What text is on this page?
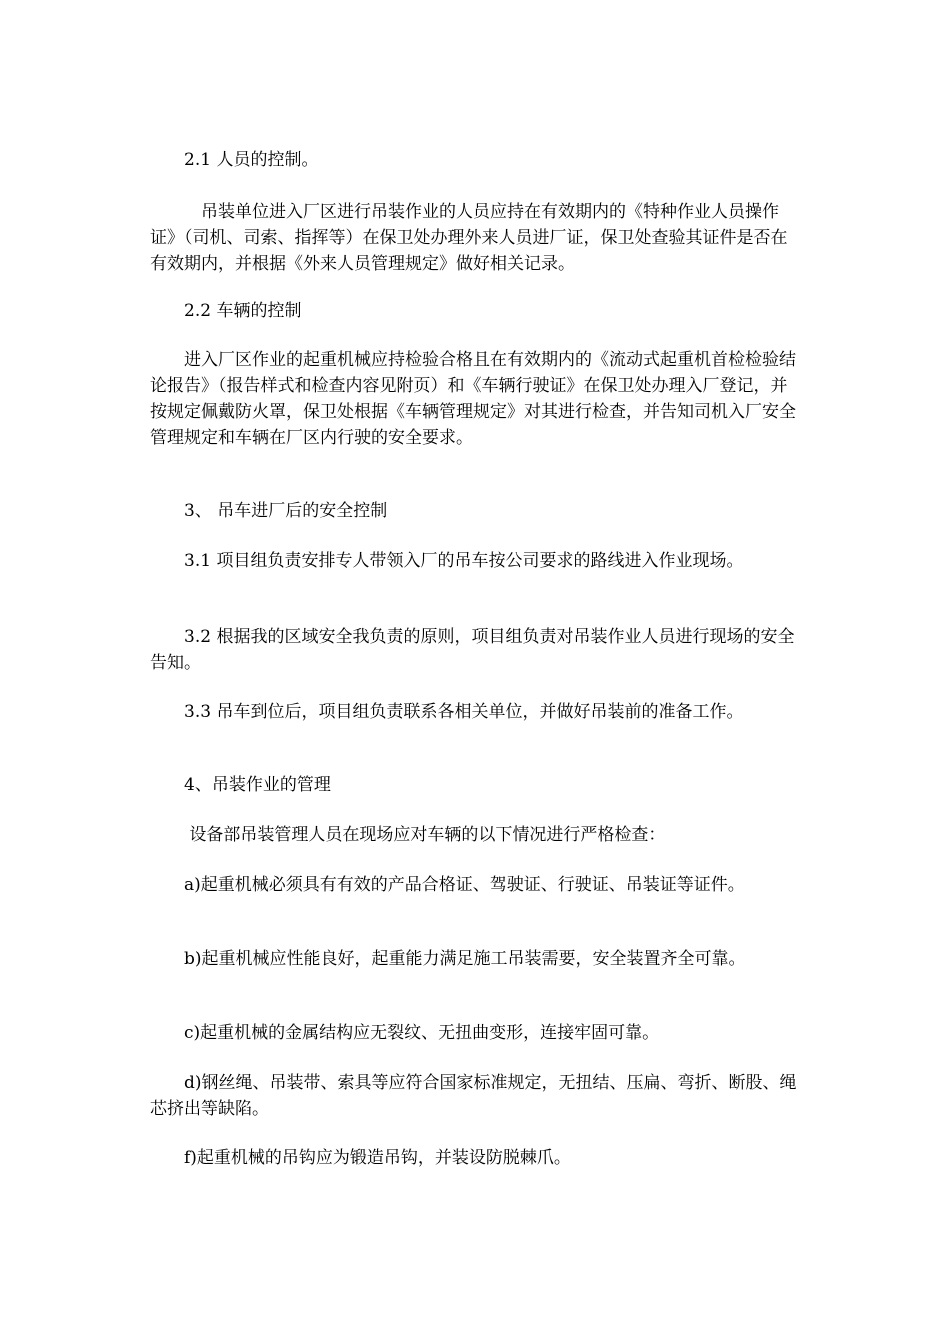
　　2.1 人员的控制。

　　　吊装单位进入厂区进行吊装作业的人员应持在有效期内的《特种作业人员操作证》（司机、司索、指挥等）在保卫处办理外来人员进厂证，保卫处查验其证件是否在有效期内，并根据《外来人员管理规定》做好相关记录。

　　2.2 车辆的控制

　　进入厂区作业的起重机械应持检验合格且在有效期内的《流动式起重机首检检验结论报告》（报告样式和检查内容见附页）和《车辆行驶证》在保卫处办理入厂登记，并按规定佩戴防火罩，保卫处根据《车辆管理规定》对其进行检查，并告知司机入厂安全管理规定和车辆在厂区内行驶的安全要求。

　　3、 吊车进厂后的安全控制

　　3.1 项目组负责安排专人带领入厂的吊车按公司要求的路线进入作业现场。

　　3.2 根据我的区域安全我负责的原则，项目组负责对吊装作业人员进行现场的安全告知。

　　3.3 吊车到位后，项目组负责联系各相关单位，并做好吊装前的准备工作。

　　4、吊装作业的管理

　　 设备部吊装管理人员在现场应对车辆的以下情况进行严格检查：

　　a)起重机械必须具有有效的产品合格证、驾驶证、行驶证、吊装证等证件。

　　b)起重机械应性能良好，起重能力满足施工吊装需要，安全装置齐全可靠。

　　c)起重机械的金属结构应无裂纹、无扭曲变形，连接牢固可靠。

　　d)钢丝绳、吊装带、索具等应符合国家标准规定，无扭结、压扁、弯折、断股、绳芯挤出等缺陷。

　　f)起重机械的吊钩应为锻造吊钩，并装设防脱棘爪。
